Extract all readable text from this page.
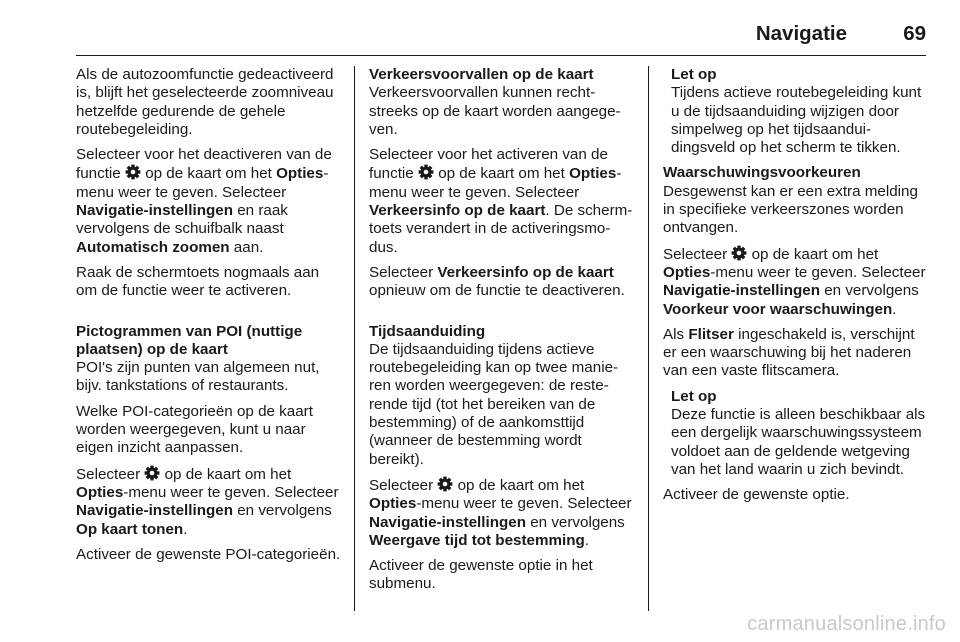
Navigatie	69

Als de autozoomfunctie gedeactiveerd is, blijft het geselecteerde zoomniveau hetzelfde gedurende de gehele routebegeleiding.

Selecteer voor het deactiveren van de functie  op de kaart om het Opties-menu weer te geven. Selecteer Navigatie-instellingen en raak vervolgens de schuifbalk naast Automatisch zoomen aan.

Raak de schermtoets nogmaals aan om de functie weer te activeren.

Pictogrammen van POI (nuttige plaatsen) op de kaart

POI's zijn punten van algemeen nut, bijv. tankstations of restaurants.

Welke POI-categorieën op de kaart worden weergegeven, kunt u naar eigen inzicht aanpassen.

Selecteer  op de kaart om het Opties-menu weer te geven. Selecteer Navigatie-instellingen en vervolgens Op kaart tonen.

Activeer de gewenste POI-categorieën.

Verkeersvoorvallen op de kaart

Verkeersvoorvallen kunnen rechtstreeks op de kaart worden aangegeven.

Selecteer voor het activeren van de functie  op de kaart om het Opties-menu weer te geven. Selecteer Verkeersinfo op de kaart. De schermtoets verandert in de activeringsmodus.

Selecteer Verkeersinfo op de kaart opnieuw om de functie te deactiveren.

Tijdsaanduiding

De tijdsaanduiding tijdens actieve routebegeleiding kan op twee manieren worden weergegeven: de resterende tijd (tot het bereiken van de bestemming) of de aankomsttijd (wanneer de bestemming wordt bereikt).

Selecteer  op de kaart om het Opties-menu weer te geven. Selecteer Navigatie-instellingen en vervolgens Weergave tijd tot bestemming.

Activeer de gewenste optie in het submenu.

Let op
Tijdens actieve routebegeleiding kunt u de tijdsaanduiding wijzigen door simpelweg op het tijdsaanduidingsveld op het scherm te tikken.

Waarschuwingsvoorkeuren

Desgewenst kan er een extra melding in specifieke verkeerszones worden ontvangen.

Selecteer  op de kaart om het Opties-menu weer te geven. Selecteer Navigatie-instellingen en vervolgens Voorkeur voor waarschuwingen.

Als Flitser ingeschakeld is, verschijnt er een waarschuwing bij het naderen van een vaste flitscamera.

Let op
Deze functie is alleen beschikbaar als een dergelijk waarschuwingssysteem voldoet aan de geldende wetgeving van het land waarin u zich bevindt.

Activeer de gewenste optie.

carmanualsonline.info
